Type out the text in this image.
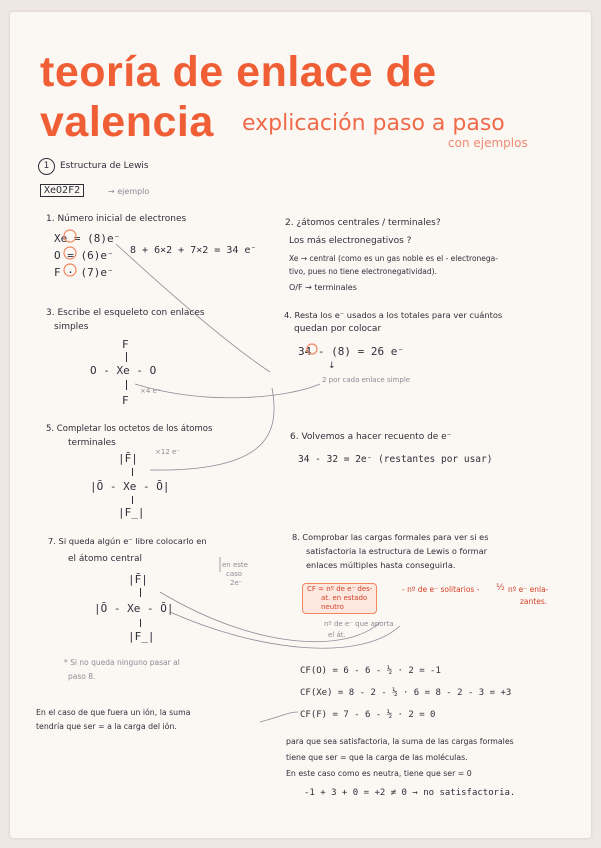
teoría de enlace de
valencia explicación paso a paso
con ejemplos
1	Estructura de Lewis
XeO2F2	→ ejemplo
1. Número inicial de electrones
Xe = (8)e⁻
O = (6)e⁻
F · (7)e⁻
8 + 6×2 + 7×2 = 34 e⁻
2. ¿átomos centrales / terminales?
Los más electronegativos ?
Xe → central (como es un gas noble es el - electronega-
tivo, pues no tiene electronegatividad).
O/F → terminales
3. Escribe el esqueleto con enlaces
simples
F
O - Xe - O
F
×4 e⁻
4. Resta los e⁻ usados a los totales para ver cuántos
quedan por colocar
34 - (8) = 26 e⁻
↓
2 por cada enlace simple
5. Completar los octetos de los átomos
terminales
|F̄| ×12 e⁻
|Ō - Xe - Ō|
|F̲|
6. Volvemos a hacer recuento de e⁻
34 - 32 = 2e⁻ (restantes por usar)
7. Si queda algún e⁻ libre colocarlo en
el átomo central
en este
caso
2e⁻
|F̄|
|Ō - Xe - Ō|
|F̲|
* Si no queda ninguno pasar al
paso 8.
8. Comprobar las cargas formales para ver si es
satisfactoria la estructura de Lewis o formar
enlaces múltiples hasta conseguirla.
CF = nº de e⁻ des-
at. en estado
neutro
- nº de e⁻ solitarios - ½ nº e⁻ enla-
zantes.
nº de e⁻ que aporta
el át.
CF(O) = 6 - 6 - ½ · 2 = -1
CF(Xe) = 8 - 2 - ½ · 6 = 8 - 2 - 3 = +3
CF(F) = 7 - 6 - ½ · 2 = 0
para que sea satisfactoria, la suma de las cargas formales
tiene que ser = que la carga de las moléculas.
En este caso como es neutra, tiene que ser = 0
-1 + 3 + 0 = +2 ≠ 0 → no satisfactoria.
En el caso de que fuera un ión, la suma
tendría que ser = a la carga del ión.
